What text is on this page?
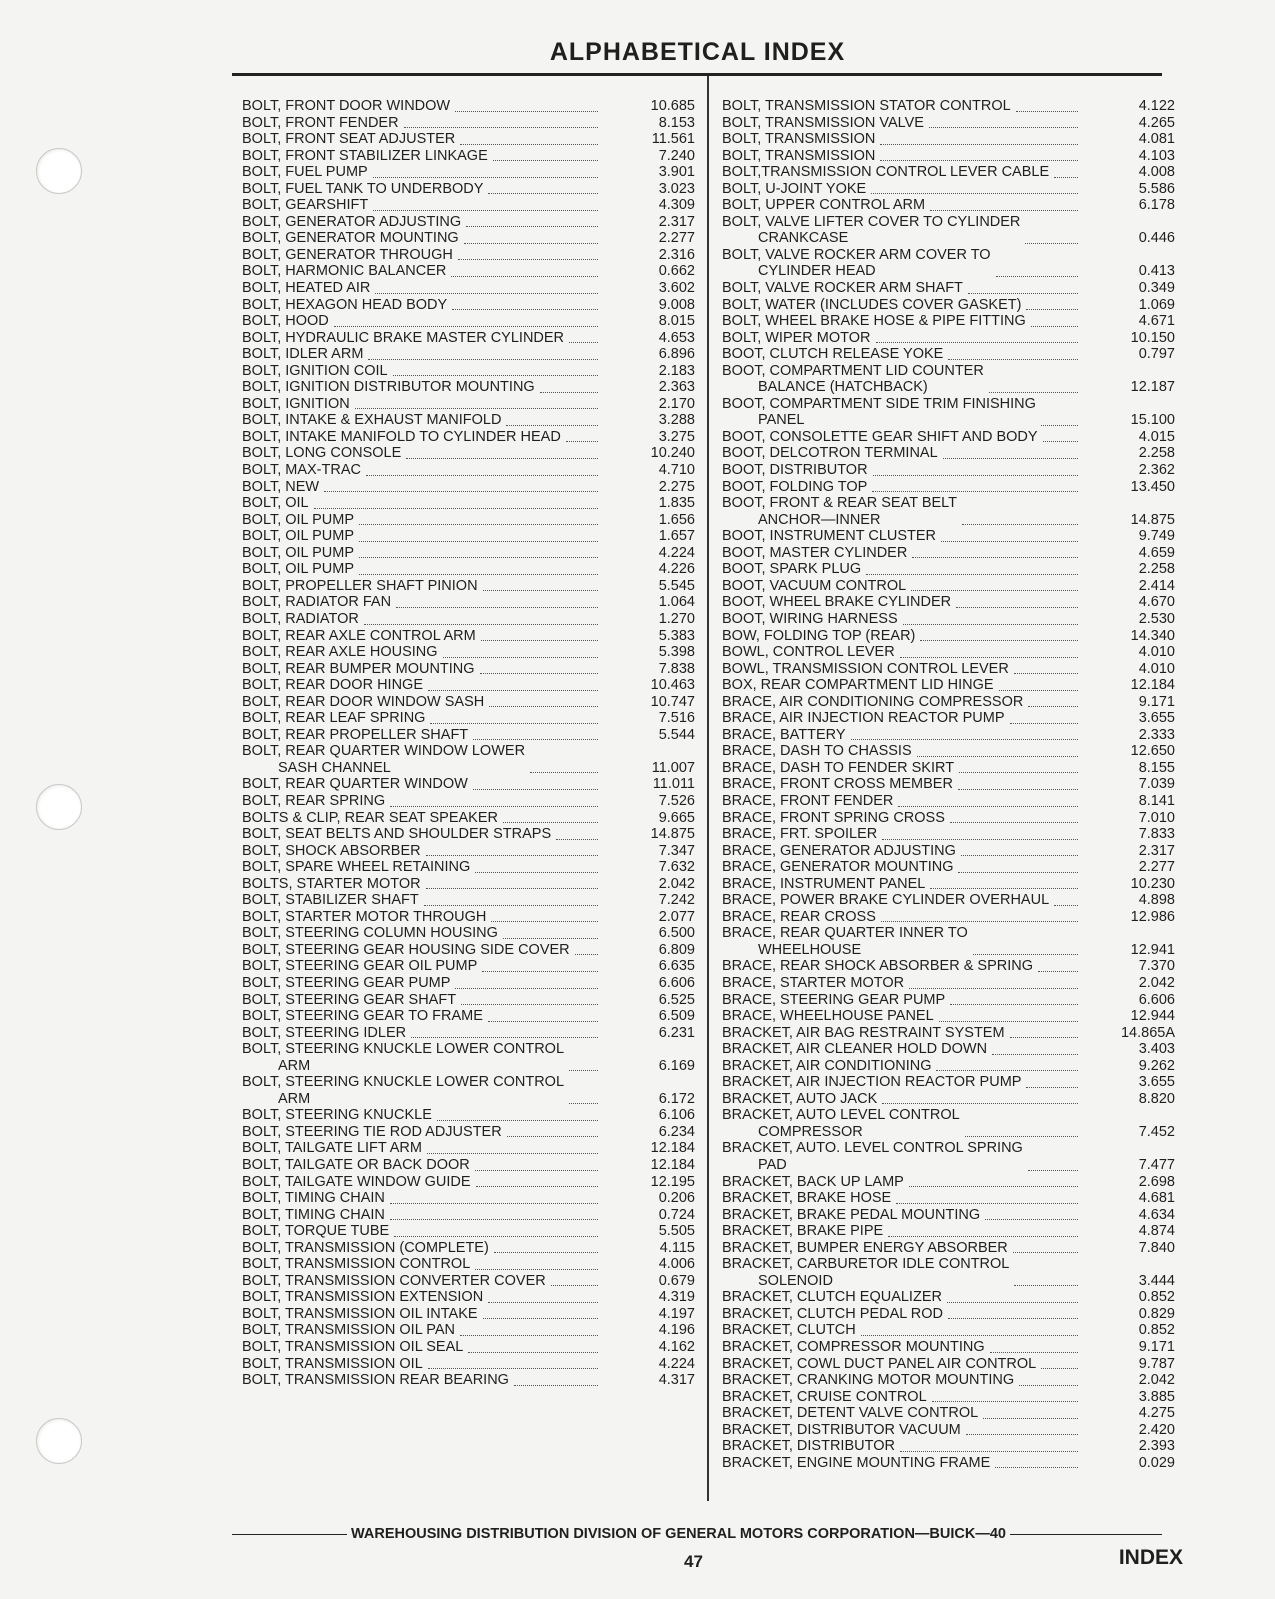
ALPHABETICAL INDEX
BOLT, FRONT DOOR WINDOW	10.685
BOLT, FRONT FENDER	8.153
BOLT, FRONT SEAT ADJUSTER	11.561
BOLT, FRONT STABILIZER LINKAGE	7.240
BOLT, FUEL PUMP	3.901
BOLT, FUEL TANK TO UNDERBODY	3.023
BOLT, GEARSHIFT	4.309
BOLT, GENERATOR ADJUSTING	2.317
BOLT, GENERATOR MOUNTING	2.277
BOLT, GENERATOR THROUGH	2.316
BOLT, HARMONIC BALANCER	0.662
BOLT, HEATED AIR	3.602
BOLT, HEXAGON HEAD BODY	9.008
BOLT, HOOD	8.015
BOLT, HYDRAULIC BRAKE MASTER CYLINDER	4.653
BOLT, IDLER ARM	6.896
BOLT, IGNITION COIL	2.183
BOLT, IGNITION DISTRIBUTOR MOUNTING	2.363
BOLT, IGNITION	2.170
BOLT, INTAKE & EXHAUST MANIFOLD	3.288
BOLT, INTAKE MANIFOLD TO CYLINDER HEAD	3.275
BOLT, LONG CONSOLE	10.240
BOLT, MAX-TRAC	4.710
BOLT, NEW	2.275
BOLT, OIL	1.835
BOLT, OIL PUMP	1.656
BOLT, OIL PUMP	1.657
BOLT, OIL PUMP	4.224
BOLT, OIL PUMP	4.226
BOLT, PROPELLER SHAFT PINION	5.545
BOLT, RADIATOR FAN	1.064
BOLT, RADIATOR	1.270
BOLT, REAR AXLE CONTROL ARM	5.383
BOLT, REAR AXLE HOUSING	5.398
BOLT, REAR BUMPER MOUNTING	7.838
BOLT, REAR DOOR HINGE	10.463
BOLT, REAR DOOR WINDOW SASH	10.747
BOLT, REAR LEAF SPRING	7.516
BOLT, REAR PROPELLER SHAFT	5.544
BOLT, REAR QUARTER WINDOW LOWER
SASH CHANNEL	11.007
BOLT, REAR QUARTER WINDOW	11.011
BOLT, REAR SPRING	7.526
BOLTS & CLIP, REAR SEAT SPEAKER	9.665
BOLT, SEAT BELTS AND SHOULDER STRAPS	14.875
BOLT, SHOCK ABSORBER	7.347
BOLT, SPARE WHEEL RETAINING	7.632
BOLTS, STARTER MOTOR	2.042
BOLT, STABILIZER SHAFT	7.242
BOLT, STARTER MOTOR THROUGH	2.077
BOLT, STEERING COLUMN HOUSING	6.500
BOLT, STEERING GEAR HOUSING SIDE COVER	6.809
BOLT, STEERING GEAR OIL PUMP	6.635
BOLT, STEERING GEAR PUMP	6.606
BOLT, STEERING GEAR SHAFT	6.525
BOLT, STEERING GEAR TO FRAME	6.509
BOLT, STEERING IDLER	6.231
BOLT, STEERING KNUCKLE LOWER CONTROL
ARM	6.169
BOLT, STEERING KNUCKLE LOWER CONTROL
ARM	6.172
BOLT, STEERING KNUCKLE	6.106
BOLT, STEERING TIE ROD ADJUSTER	6.234
BOLT, TAILGATE LIFT ARM	12.184
BOLT, TAILGATE OR BACK DOOR	12.184
BOLT, TAILGATE WINDOW GUIDE	12.195
BOLT, TIMING CHAIN	0.206
BOLT, TIMING CHAIN	0.724
BOLT, TORQUE TUBE	5.505
BOLT, TRANSMISSION (COMPLETE)	4.115
BOLT, TRANSMISSION CONTROL	4.006
BOLT, TRANSMISSION CONVERTER COVER	0.679
BOLT, TRANSMISSION EXTENSION	4.319
BOLT, TRANSMISSION OIL INTAKE	4.197
BOLT, TRANSMISSION OIL PAN	4.196
BOLT, TRANSMISSION OIL SEAL	4.162
BOLT, TRANSMISSION OIL	4.224
BOLT, TRANSMISSION REAR BEARING	4.317
BOLT, TRANSMISSION STATOR CONTROL	4.122
BOLT, TRANSMISSION VALVE	4.265
BOLT, TRANSMISSION	4.081
BOLT, TRANSMISSION	4.103
BOLT,TRANSMISSION CONTROL LEVER CABLE	4.008
BOLT, U-JOINT YOKE	5.586
BOLT, UPPER CONTROL ARM	6.178
BOLT, VALVE LIFTER COVER TO CYLINDER
CRANKCASE	0.446
BOLT, VALVE ROCKER ARM COVER TO
CYLINDER HEAD	0.413
BOLT, VALVE ROCKER ARM SHAFT	0.349
BOLT, WATER (INCLUDES COVER GASKET)	1.069
BOLT, WHEEL BRAKE HOSE & PIPE FITTING	4.671
BOLT, WIPER MOTOR	10.150
BOOT, CLUTCH RELEASE YOKE	0.797
BOOT, COMPARTMENT LID COUNTER
BALANCE (HATCHBACK)	12.187
BOOT, COMPARTMENT SIDE TRIM FINISHING
PANEL	15.100
BOOT, CONSOLETTE GEAR SHIFT AND BODY	4.015
BOOT, DELCOTRON TERMINAL	2.258
BOOT, DISTRIBUTOR	2.362
BOOT, FOLDING TOP	13.450
BOOT, FRONT & REAR SEAT BELT
ANCHOR—INNER	14.875
BOOT, INSTRUMENT CLUSTER	9.749
BOOT, MASTER CYLINDER	4.659
BOOT, SPARK PLUG	2.258
BOOT, VACUUM CONTROL	2.414
BOOT, WHEEL BRAKE CYLINDER	4.670
BOOT, WIRING HARNESS	2.530
BOW, FOLDING TOP (REAR)	14.340
BOWL, CONTROL LEVER	4.010
BOWL, TRANSMISSION CONTROL LEVER	4.010
BOX, REAR COMPARTMENT LID HINGE	12.184
BRACE, AIR CONDITIONING COMPRESSOR	9.171
BRACE, AIR INJECTION REACTOR PUMP	3.655
BRACE, BATTERY	2.333
BRACE, DASH TO CHASSIS	12.650
BRACE, DASH TO FENDER SKIRT	8.155
BRACE, FRONT CROSS MEMBER	7.039
BRACE, FRONT FENDER	8.141
BRACE, FRONT SPRING CROSS	7.010
BRACE, FRT. SPOILER	7.833
BRACE, GENERATOR ADJUSTING	2.317
BRACE, GENERATOR MOUNTING	2.277
BRACE, INSTRUMENT PANEL	10.230
BRACE, POWER BRAKE CYLINDER OVERHAUL	4.898
BRACE, REAR CROSS	12.986
BRACE, REAR QUARTER INNER TO
WHEELHOUSE	12.941
BRACE, REAR SHOCK ABSORBER & SPRING	7.370
BRACE, STARTER MOTOR	2.042
BRACE, STEERING GEAR PUMP	6.606
BRACE, WHEELHOUSE PANEL	12.944
BRACKET, AIR BAG RESTRAINT SYSTEM	14.865A
BRACKET, AIR CLEANER HOLD DOWN	3.403
BRACKET, AIR CONDITIONING	9.262
BRACKET, AIR INJECTION REACTOR PUMP	3.655
BRACKET, AUTO JACK	8.820
BRACKET, AUTO LEVEL CONTROL
COMPRESSOR	7.452
BRACKET, AUTO. LEVEL CONTROL SPRING
PAD	7.477
BRACKET, BACK UP LAMP	2.698
BRACKET, BRAKE HOSE	4.681
BRACKET, BRAKE PEDAL MOUNTING	4.634
BRACKET, BRAKE PIPE	4.874
BRACKET, BUMPER ENERGY ABSORBER	7.840
BRACKET, CARBURETOR IDLE CONTROL
SOLENOID	3.444
BRACKET, CLUTCH EQUALIZER	0.852
BRACKET, CLUTCH PEDAL ROD	0.829
BRACKET, CLUTCH	0.852
BRACKET, COMPRESSOR MOUNTING	9.171
BRACKET, COWL DUCT PANEL AIR CONTROL	9.787
BRACKET, CRANKING MOTOR MOUNTING	2.042
BRACKET, CRUISE CONTROL	3.885
BRACKET, DETENT VALVE CONTROL	4.275
BRACKET, DISTRIBUTOR VACUUM	2.420
BRACKET, DISTRIBUTOR	2.393
BRACKET, ENGINE MOUNTING FRAME	0.029
WAREHOUSING DISTRIBUTION DIVISION OF GENERAL MOTORS CORPORATION—BUICK—40
47	INDEX
